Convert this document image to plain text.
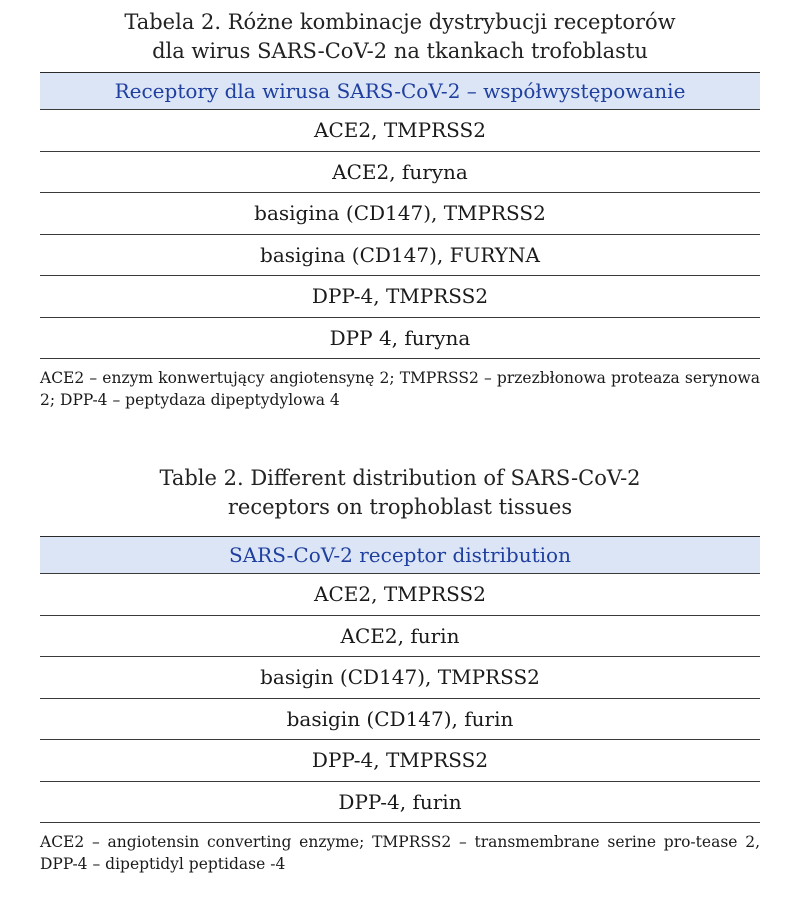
Tabela 2. Różne kombinacje dystrybucji receptorów
dla wirus SARS-CoV-2 na tkankach trofoblastu
Receptory dla wirusa SARS-CoV-2 – współwystępowanie
ACE2, TMPRSS2
ACE2, furyna
basigina (CD147), TMPRSS2
basigina (CD147), FURYNA
DPP-4, TMPRSS2
DPP 4, furyna
ACE2 – enzym konwertujący angiotensynę 2; TMPRSS2 – przezbłonowa proteaza serynowa 2; DPP-4 – peptydaza dipeptydylowa 4
Table 2. Different distribution of SARS-CoV-2
receptors on trophoblast tissues
SARS-CoV-2 receptor distribution
ACE2, TMPRSS2
ACE2, furin
basigin (CD147), TMPRSS2
basigin (CD147), furin
DPP-4, TMPRSS2
DPP-4, furin
ACE2 – angiotensin converting enzyme; TMPRSS2 – transmembrane serine pro-tease 2, DPP-4 – dipeptidyl peptidase -4
